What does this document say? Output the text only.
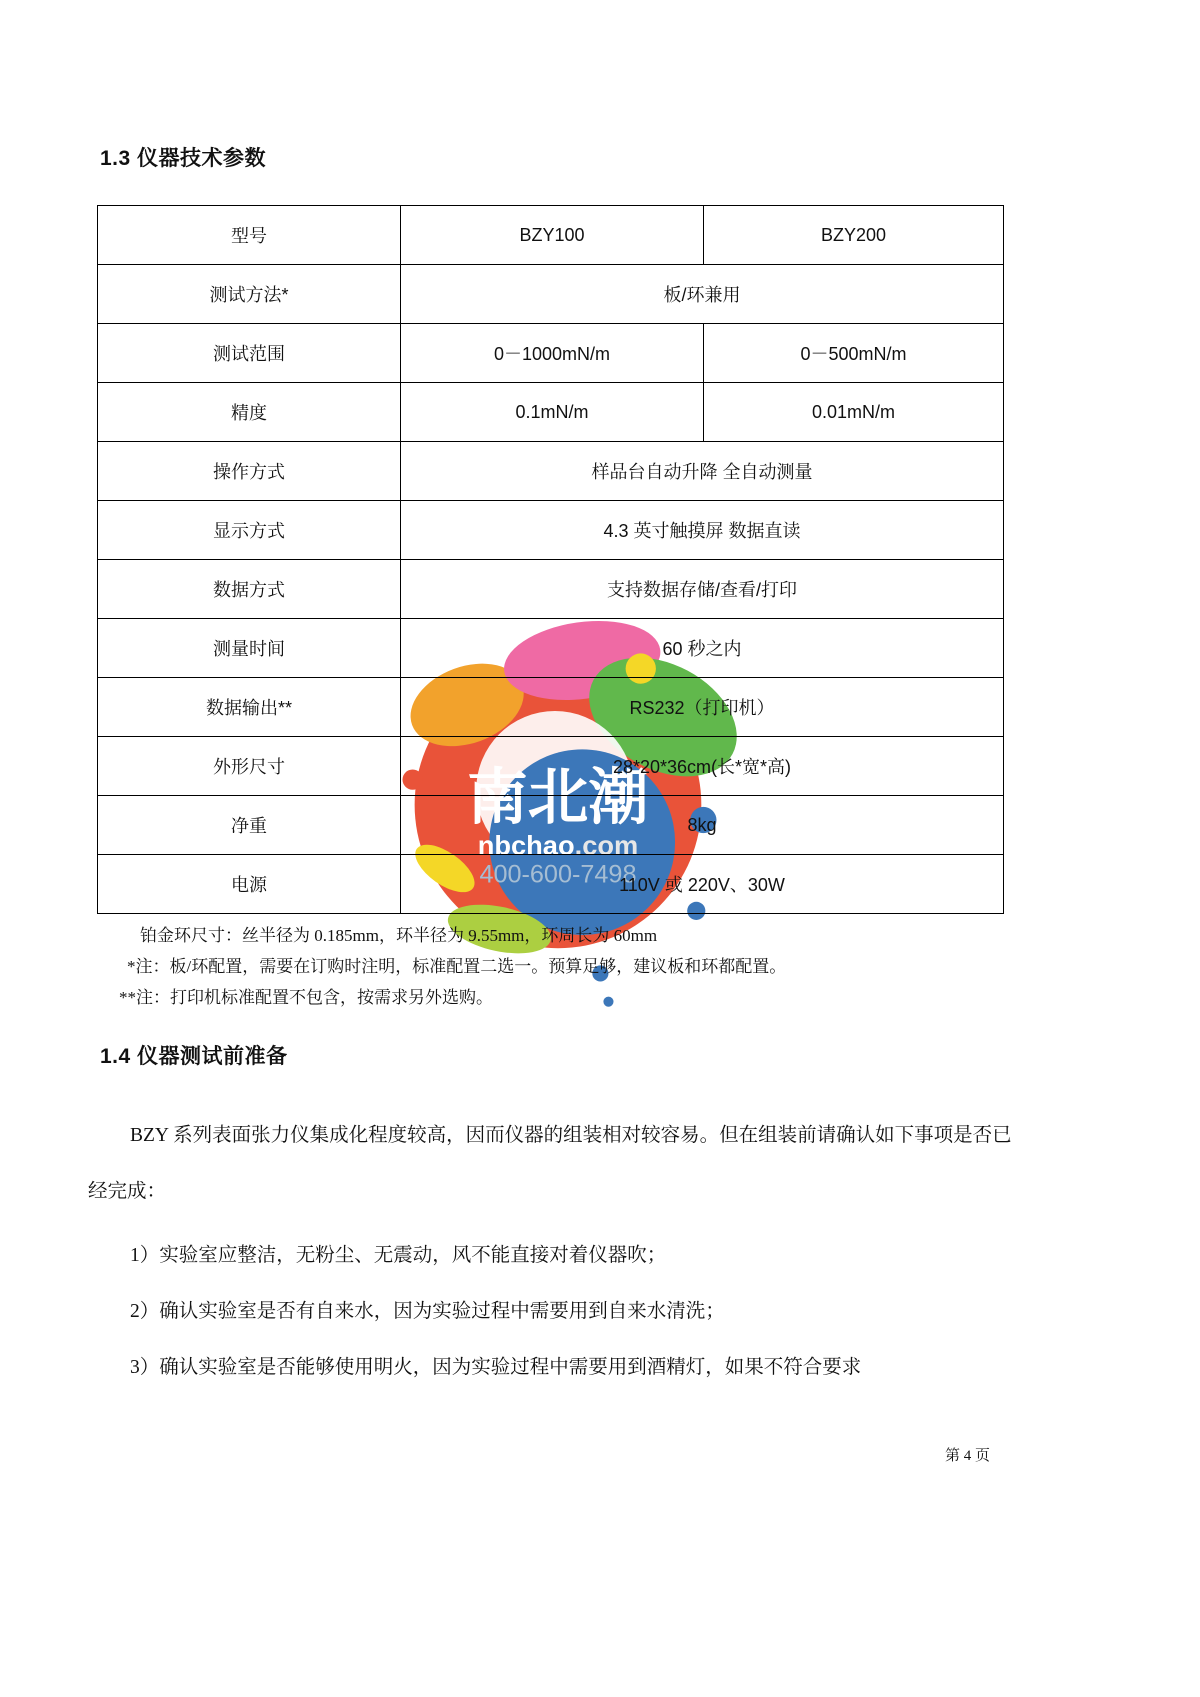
南北潮
nbchao.com
400-600-7498
1.3 仪器技术参数
型号	BZY100	BZY200
测试方法*	板/环兼用	
测试范围	0－1000mN/m	0－500mN/m
精度	0.1mN/m	0.01mN/m
操作方式	样品台自动升降 全自动测量	
显示方式	4.3 英寸触摸屏 数据直读	
数据方式	支持数据存储/查看/打印	
测量时间	60 秒之内	
数据输出**	RS232（打印机）	
外形尺寸	28*20*36cm(长*宽*高)	
净重	8kg	
电源	110V 或 220V、30W	
铂金环尺寸：丝半径为 0.185mm，环半径为 9.55mm，环周长为 60mm
*注：板/环配置，需要在订购时注明，标准配置二选一。预算足够，建议板和环都配置。
**注：打印机标准配置不包含，按需求另外选购。
1.4 仪器测试前准备

BZY 系列表面张力仪集成化程度较高，因而仪器的组装相对较容易。但在组装前请确认如下事项是否已经完成：

1）实验室应整洁，无粉尘、无震动，风不能直接对着仪器吹；
2）确认实验室是否有自来水，因为实验过程中需要用到自来水清洗；
3）确认实验室是否能够使用明火，因为实验过程中需要用到酒精灯，如果不符合要求
第 4 页
